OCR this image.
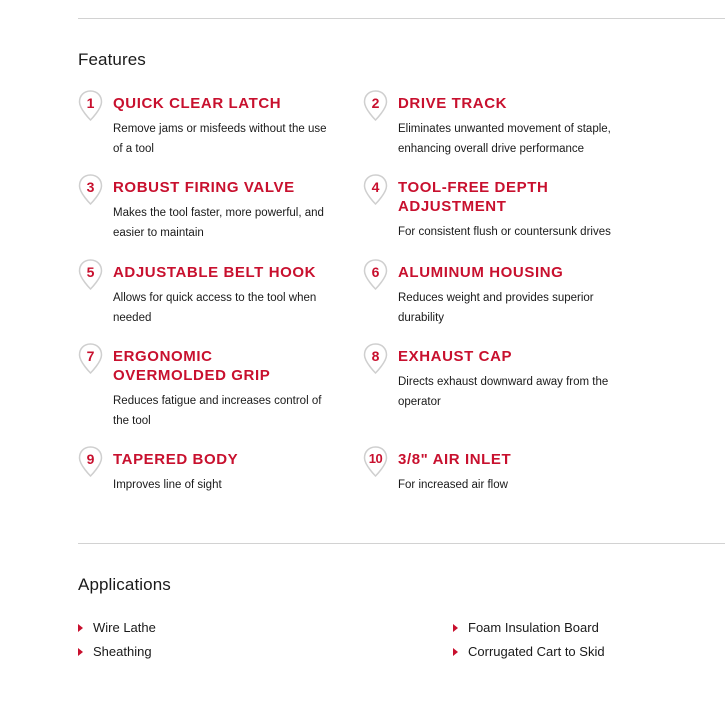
Features
1	QUICK CLEAR LATCH

Remove jams or misfeeds without the use of a tool

2	DRIVE TRACK

Eliminates unwanted movement of staple, enhancing overall drive performance

3	ROBUST FIRING VALVE

Makes the tool faster, more powerful, and easier to maintain

4	TOOL-FREE DEPTH ADJUSTMENT

For consistent flush or countersunk drives

5	ADJUSTABLE BELT HOOK

Allows for quick access to the tool when needed

6	ALUMINUM HOUSING

Reduces weight and provides superior durability

7	ERGONOMIC OVERMOLDED GRIP

Reduces fatigue and increases control of the tool

8	EXHAUST CAP

Directs exhaust downward away from the operator

9	TAPERED BODY

Improves line of sight

10	3/8" AIR INLET

For increased air flow

Applications
Wire Lathe
Sheathing
Foam Insulation Board
Corrugated Cart to Skid
